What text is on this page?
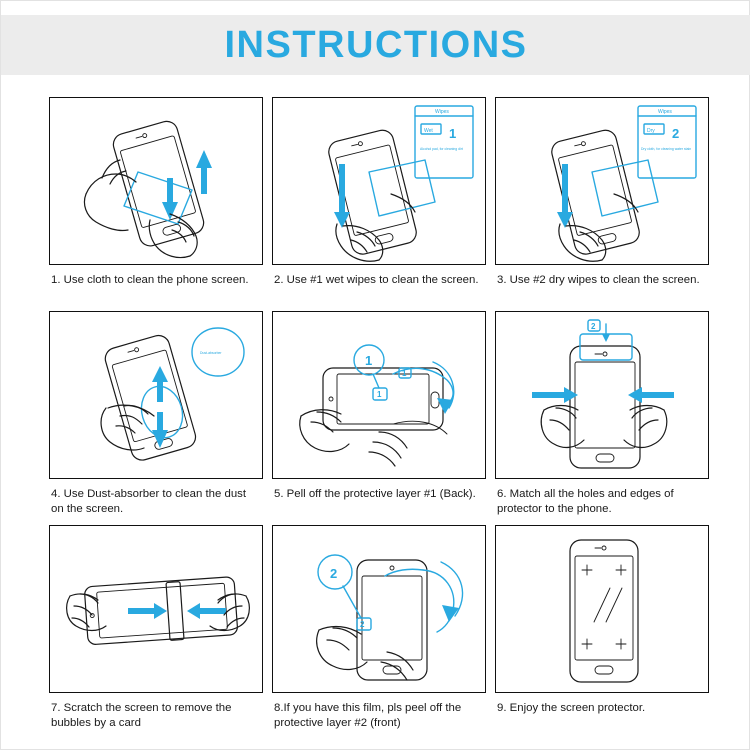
INSTRUCTIONS
1. Use cloth to clean the phone screen.
Wipes
Wet 1
Alcohol pad, for cleaning dirt
2. Use #1 wet wipes to clean the screen.
Wipes
Dry 2
Dry cloth, for cleaning water stain
3. Use #2 dry wipes to clean the screen.
Dust-absorber
4. Use Dust-absorber to clean the dust on the screen.
1
1
1
5. Pell off the protective layer #1 (Back).
2
6. Match all the holes and edges of protector to the phone.
7. Scratch the screen to remove the bubbles by a card
2
2
8.If you have this film, pls peel off the protective layer #2 (front)
9. Enjoy the screen protector.
